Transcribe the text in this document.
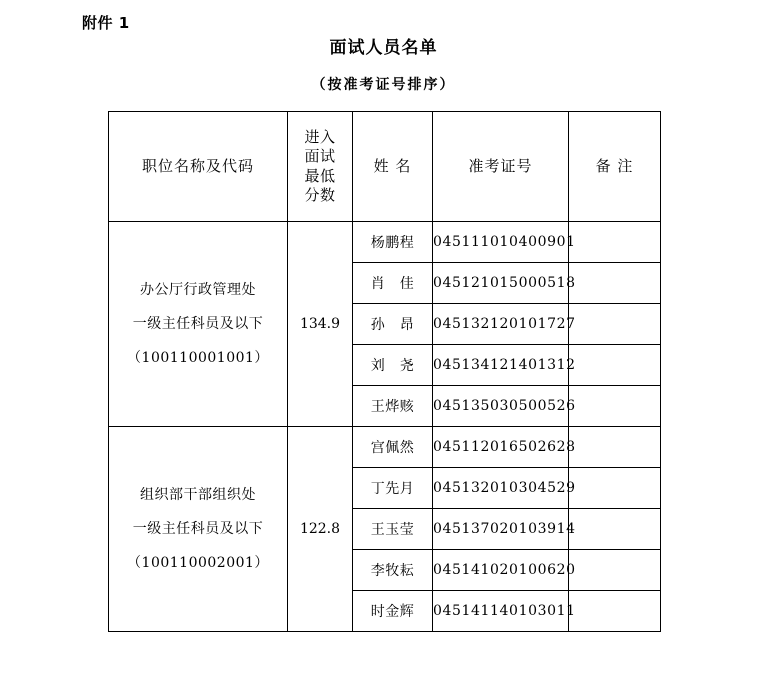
附件 1
面试人员名单
（按准考证号排序）
职位名称及代码	进入
面试
最低
分数	姓 名	准考证号	备 注

办公厅行政管理处
一级主任科员及以下
（100110001001）	134.9	杨鹏程	045111010400901	
		肖　佳	045121015000518	
		孙　昂	045132120101727	
		刘　尧	045134121401312	
		王烨赅	045135030500526	

组织部干部组织处
一级主任科员及以下
（100110002001）	122.8	宫佩然	045112016502628	
		丁先月	045132010304529	
		王玉莹	045137020103914	
		李牧耘	045141020100620	
		时金辉	045141140103011	
